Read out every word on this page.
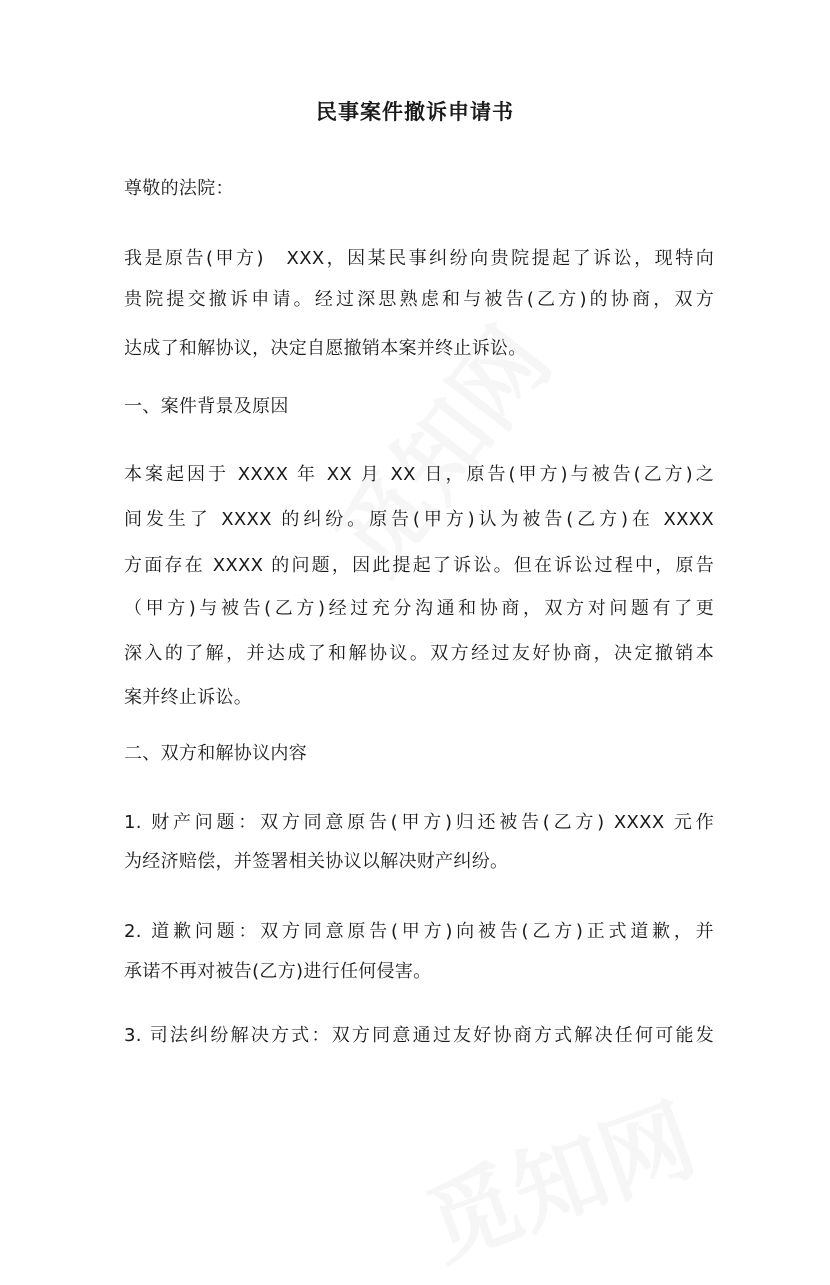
民事案件撤诉申请书
尊敬的法院：
我是原告(甲方)　XXX，因某民事纠纷向贵院提起了诉讼，现特向
贵院提交撤诉申请。经过深思熟虑和与被告(乙方)的协商，双方
达成了和解协议，决定自愿撤销本案并终止诉讼。
一、案件背景及原因
本案起因于 XXXX 年 XX 月 XX 日，原告(甲方)与被告(乙方)之
间发生了 XXXX 的纠纷。原告(甲方)认为被告(乙方)在 XXXX
方面存在 XXXX 的问题，因此提起了诉讼。但在诉讼过程中，原告
（甲方)与被告(乙方)经过充分沟通和协商，双方对问题有了更
深入的了解，并达成了和解协议。双方经过友好协商，决定撤销本
案并终止诉讼。
二、双方和解协议内容
1. 财产问题：双方同意原告(甲方)归还被告(乙方) XXXX 元作
为经济赔偿，并签署相关协议以解决财产纠纷。
2. 道歉问题：双方同意原告(甲方)向被告(乙方)正式道歉，并
承诺不再对被告(乙方)进行任何侵害。
3. 司法纠纷解决方式：双方同意通过友好协商方式解决任何可能发
